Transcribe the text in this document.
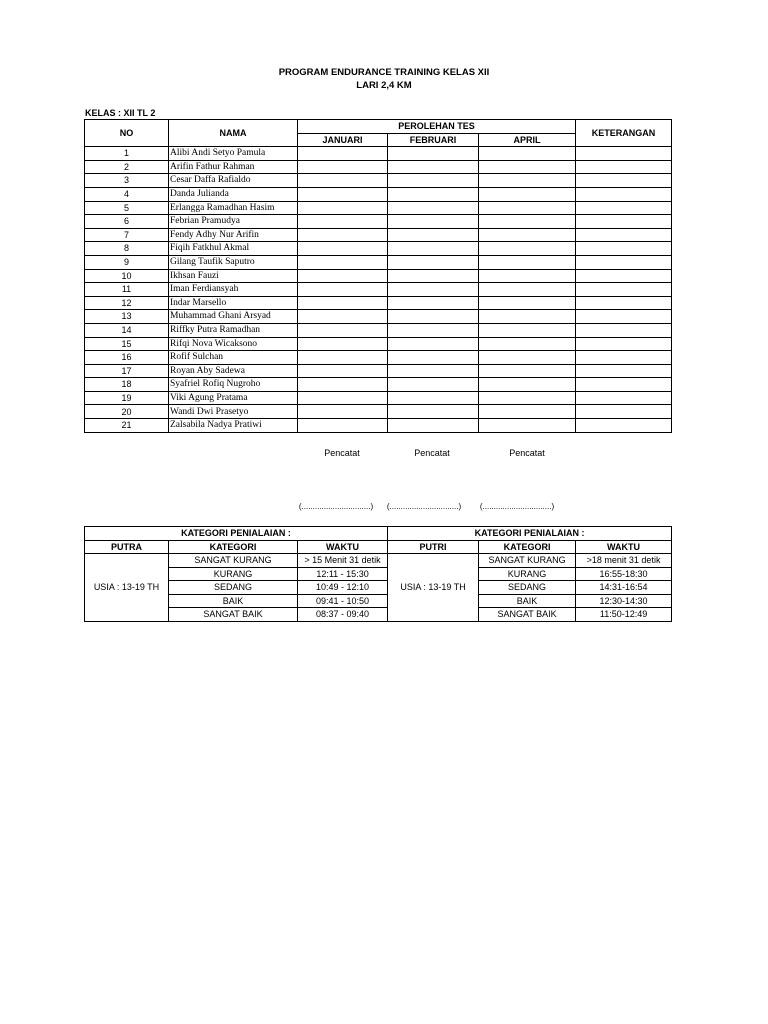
PROGRAM ENDURANCE TRAINING KELAS XII
LARI 2,4 KM
KELAS : XII TL 2
NO	NAMA	PEROLEHAN TES			KETERANGAN
		JANUARI	FEBRUARI	APRIL	
1	Alibi Andi Setyo Pamula				
2	Arifin Fathur Rahman				
3	Cesar Daffa Rafialdo				
4	Danda Julianda				
5	Erlangga Ramadhan Hasim				
6	Febrian Pramudya				
7	Fendy Adhy Nur Arifin				
8	Fiqih Fatkhul Akmal				
9	Gilang Taufik Saputro				
10	Ikhsan Fauzi				
11	Iman Ferdiansyah				
12	Indar Marsello				
13	Muhammad Ghani Arsyad				
14	Riffky Putra Ramadhan				
15	Rifqi Nova Wicaksono				
16	Rofif Sulchan				
17	Royan Aby Sadewa				
18	Syafriel Rofiq Nugroho				
19	Viki Agung Pratama				
20	Wandi Dwi Prasetyo				
21	Zalsabila Nadya Pratiwi				
Pencatat	Pencatat	Pencatat
(...............................)	(...............................)	(...............................)
KATEGORI PENIALAIAN :			KATEGORI PENIALAIAN :		
PUTRA	KATEGORI	WAKTU	PUTRI	KATEGORI	WAKTU
USIA : 13-19 TH	SANGAT KURANG	> 15 Menit 31 detik	USIA : 13-19 TH	SANGAT KURANG	>18 menit 31 detik
	KURANG	12:11 - 15:30		KURANG	16:55-18:30
	SEDANG	10:49 - 12:10		SEDANG	14:31-16:54
	BAIK	09:41 - 10:50		BAIK	12:30-14:30
	SANGAT BAIK	08:37 - 09:40		SANGAT BAIK	11:50-12:49
